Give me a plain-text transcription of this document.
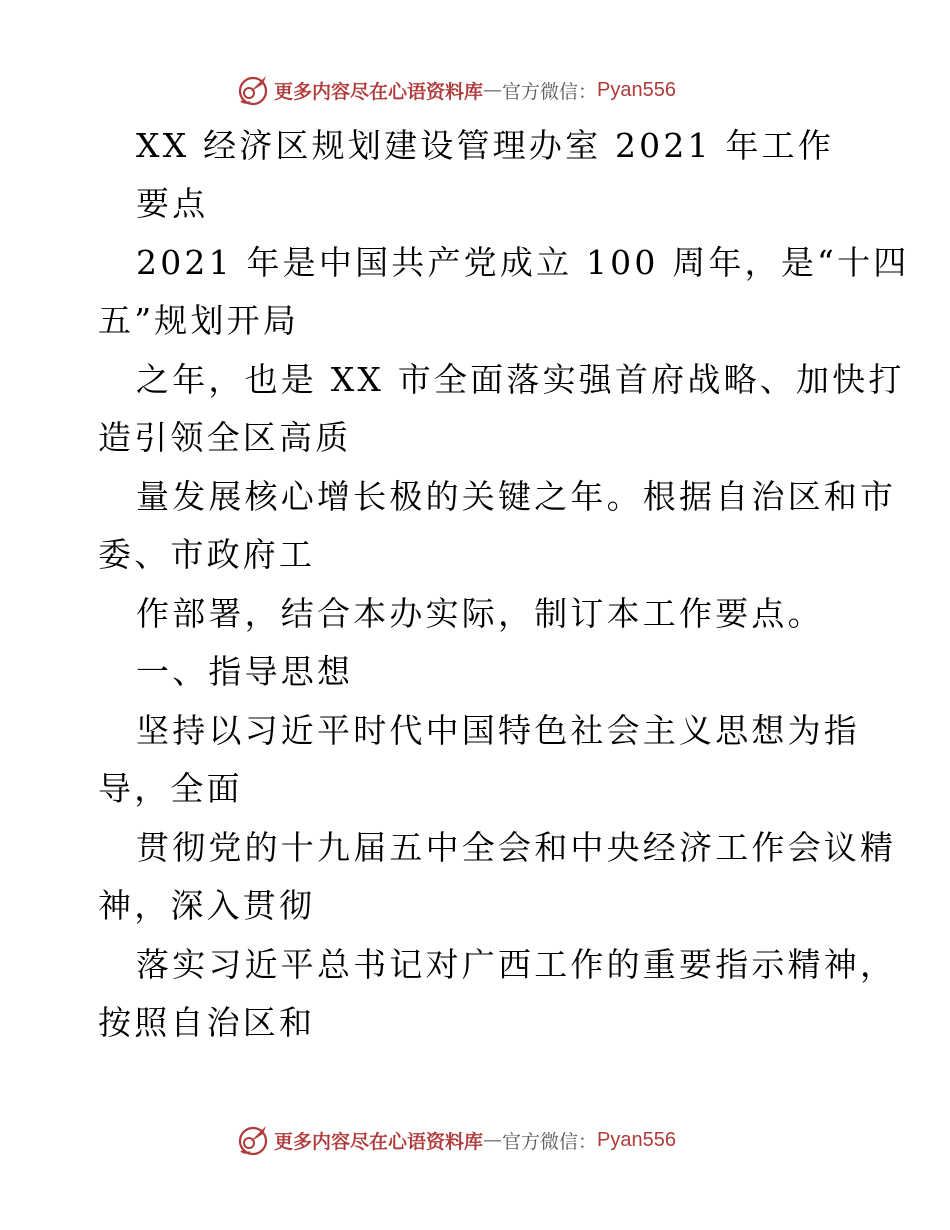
更多内容尽在心语资料库 — 官方微信： Pyan556
XX 经济区规划建设管理办室 2021 年工作
要点
2021 年是中国共产党成立 100 周年，是“十四
五”规划开局
之年，也是 XX 市全面落实强首府战略、加快打
造引领全区高质
量发展核心增长极的关键之年。根据自治区和市
委、市政府工
作部署，结合本办实际，制订本工作要点。
一、指导思想
坚持以习近平时代中国特色社会主义思想为指
导，全面
贯彻党的十九届五中全会和中央经济工作会议精
神，深入贯彻
落实习近平总书记对广西工作的重要指示精神，
按照自治区和
更多内容尽在心语资料库 — 官方微信： Pyan556
